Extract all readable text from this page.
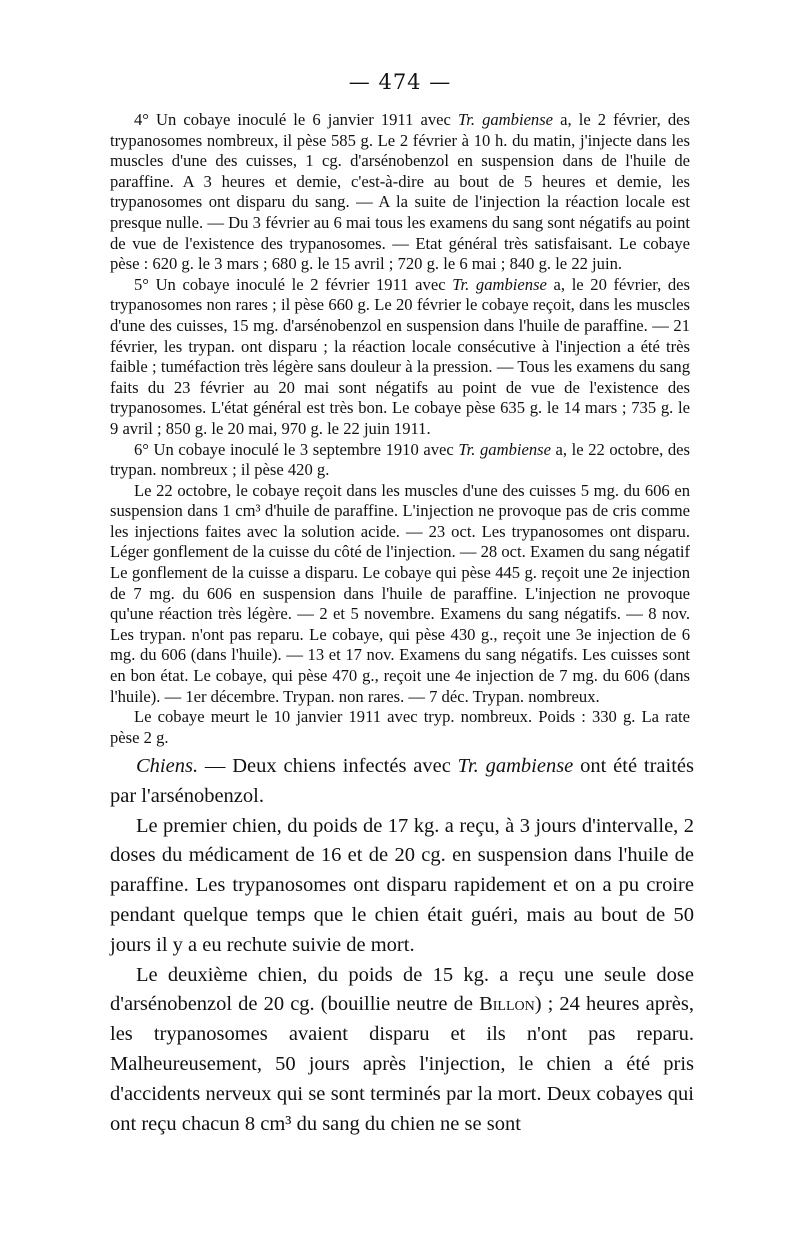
— 474 —

4° Un cobaye inoculé le 6 janvier 1911 avec Tr. gambiense a, le 2 février, des trypanosomes nombreux, il pèse 585 g. Le 2 février à 10 h. du matin, j'injecte dans les muscles d'une des cuisses, 1 cg. d'arsénobenzol en suspension dans de l'huile de paraffine. A 3 heures et demie, c'est-à-dire au bout de 5 heures et demie, les trypanosomes ont disparu du sang. — A la suite de l'injection la réaction locale est presque nulle. — Du 3 février au 6 mai tous les examens du sang sont négatifs au point de vue de l'existence des trypanosomes. — Etat général très satisfaisant. Le cobaye pèse : 620 g. le 3 mars ; 680 g. le 15 avril ; 720 g. le 6 mai ; 840 g. le 22 juin.

5° Un cobaye inoculé le 2 février 1911 avec Tr. gambiense a, le 20 février, des trypanosomes non rares ; il pèse 660 g. Le 20 février le cobaye reçoit, dans les muscles d'une des cuisses, 15 mg. d'arsénobenzol en suspension dans l'huile de paraffine. — 21 février, les trypan. ont disparu ; la réaction locale consécutive à l'injection a été très faible ; tuméfaction très légère sans douleur à la pression. — Tous les examens du sang faits du 23 février au 20 mai sont négatifs au point de vue de l'existence des trypanosomes. L'état général est très bon. Le cobaye pèse 635 g. le 14 mars ; 735 g. le 9 avril ; 850 g. le 20 mai, 970 g. le 22 juin 1911.

6° Un cobaye inoculé le 3 septembre 1910 avec Tr. gambiense a, le 22 octobre, des trypan. nombreux ; il pèse 420 g.

Le 22 octobre, le cobaye reçoit dans les muscles d'une des cuisses 5 mg. du 606 en suspension dans 1 cm³ d'huile de paraffine. L'injection ne provoque pas de cris comme les injections faites avec la solution acide. — 23 oct. Les trypanosomes ont disparu. Léger gonflement de la cuisse du côté de l'injection. — 28 oct. Examen du sang négatif Le gonflement de la cuisse a disparu. Le cobaye qui pèse 445 g. reçoit une 2e injection de 7 mg. du 606 en suspension dans l'huile de paraffine. L'injection ne provoque qu'une réaction très légère. — 2 et 5 novembre. Examens du sang négatifs. — 8 nov. Les trypan. n'ont pas reparu. Le cobaye, qui pèse 430 g., reçoit une 3e injection de 6 mg. du 606 (dans l'huile). — 13 et 17 nov. Examens du sang négatifs. Les cuisses sont en bon état. Le cobaye, qui pèse 470 g., reçoit une 4e injection de 7 mg. du 606 (dans l'huile). — 1er décembre. Trypan. non rares. — 7 déc. Trypan. nombreux.

Le cobaye meurt le 10 janvier 1911 avec tryp. nombreux. Poids : 330 g. La rate pèse 2 g.

Chiens. — Deux chiens infectés avec Tr. gambiense ont été traités par l'arsénobenzol.

Le premier chien, du poids de 17 kg. a reçu, à 3 jours d'intervalle, 2 doses du médicament de 16 et de 20 cg. en suspension dans l'huile de paraffine. Les trypanosomes ont disparu rapidement et on a pu croire pendant quelque temps que le chien était guéri, mais au bout de 50 jours il y a eu rechute suivie de mort.

Le deuxième chien, du poids de 15 kg. a reçu une seule dose d'arsénobenzol de 20 cg. (bouillie neutre de Billon) ; 24 heures après, les trypanosomes avaient disparu et ils n'ont pas reparu. Malheureusement, 50 jours après l'injection, le chien a été pris d'accidents nerveux qui se sont terminés par la mort. Deux cobayes qui ont reçu chacun 8 cm³ du sang du chien ne se sont
